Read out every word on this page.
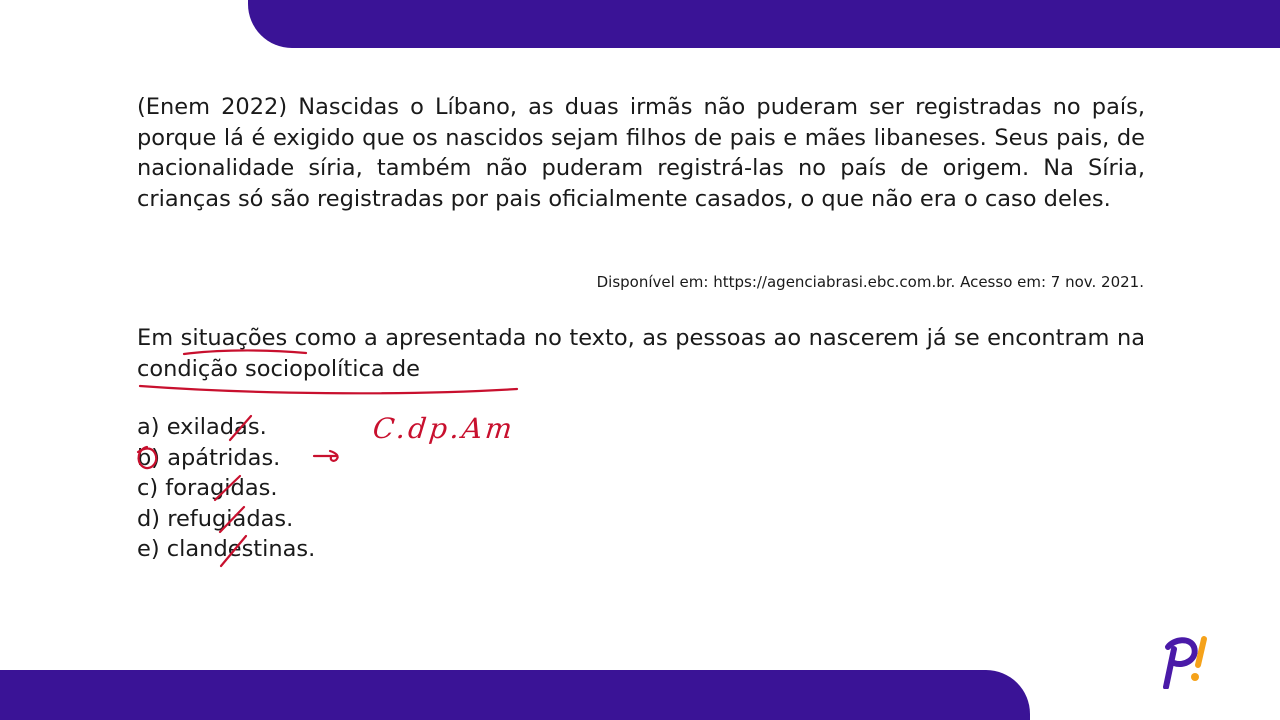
(Enem 2022) Nascidas o Líbano, as duas irmãs não puderam ser registradas no país, porque lá é exigido que os nascidos sejam filhos de pais e mães libaneses. Seus pais, de nacionalidade síria, também não puderam registrá-las no país de origem. Na Síria, crianças só são registradas por pais oficialmente casados, o que não era o caso deles.

Disponível em: https://agenciabrasi.ebc.com.br. Acesso em: 7 nov. 2021.

Em situações como a apresentada no texto, as pessoas ao nascerem já se encontram na condição sociopolítica de

a) exiladas.
b) apátridas.
c) foragidas.
d) refugiadas.
e) clandestinas.
C.dp.Am
